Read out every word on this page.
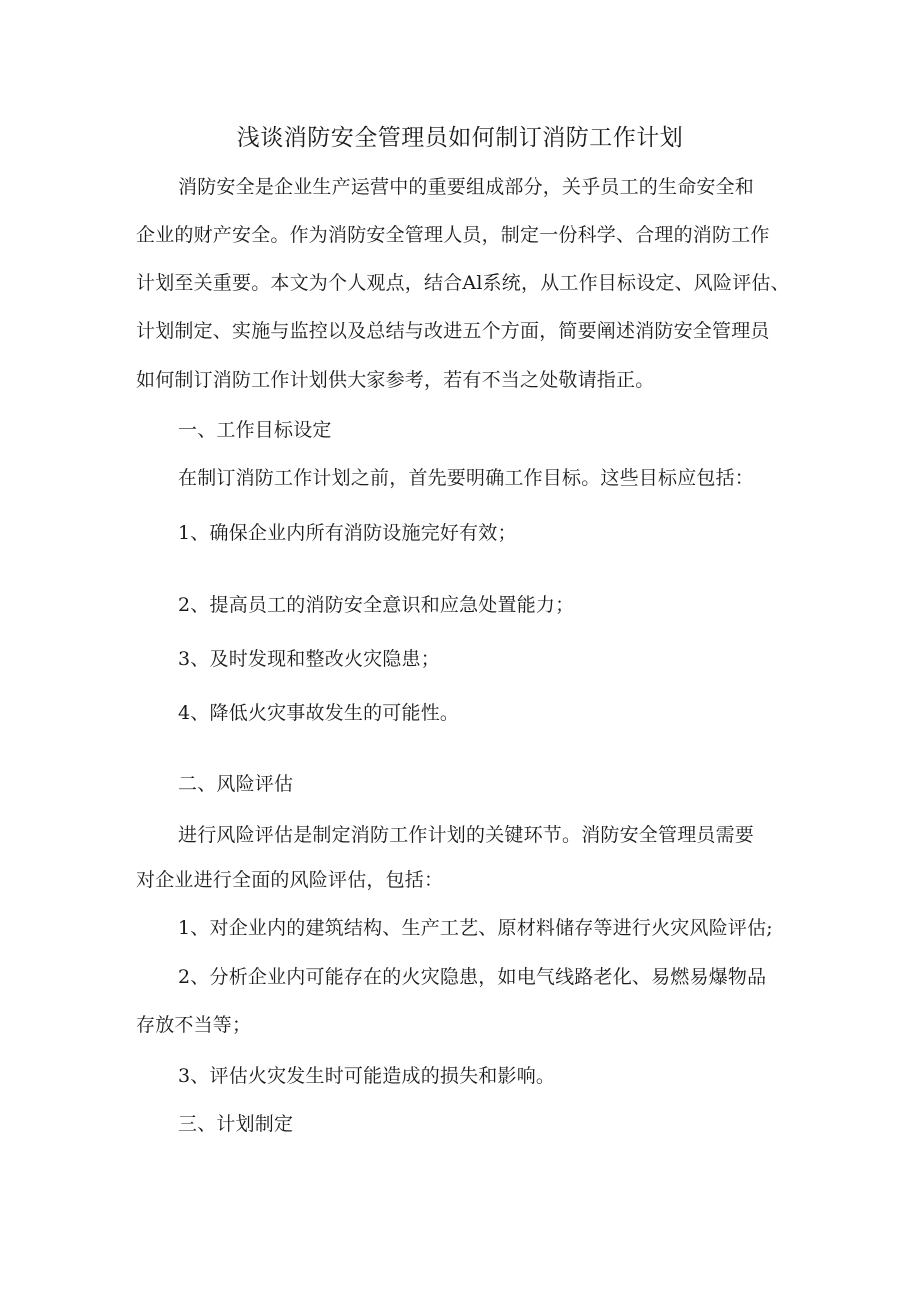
浅谈消防安全管理员如何制订消防工作计划
消防安全是企业生产运营中的重要组成部分，关乎员工的生命安全和
企业的财产安全。作为消防安全管理人员，制定一份科学、合理的消防工作
计划至关重要。本文为个人观点，结合Al系统，从工作目标设定、风险评估、
计划制定、实施与监控以及总结与改进五个方面，简要阐述消防安全管理员
如何制订消防工作计划供大家参考，若有不当之处敬请指正。
一、工作目标设定
在制订消防工作计划之前，首先要明确工作目标。这些目标应包括：
1、确保企业内所有消防设施完好有效；
2、提高员工的消防安全意识和应急处置能力；
3、及时发现和整改火灾隐患；
4、降低火灾事故发生的可能性。
二、风险评估
进行风险评估是制定消防工作计划的关键环节。消防安全管理员需要
对企业进行全面的风险评估，包括：
1、对企业内的建筑结构、生产工艺、原材料储存等进行火灾风险评估;
2、分析企业内可能存在的火灾隐患，如电气线路老化、易燃易爆物品
存放不当等；
3、评估火灾发生时可能造成的损失和影响。
三、计划制定
